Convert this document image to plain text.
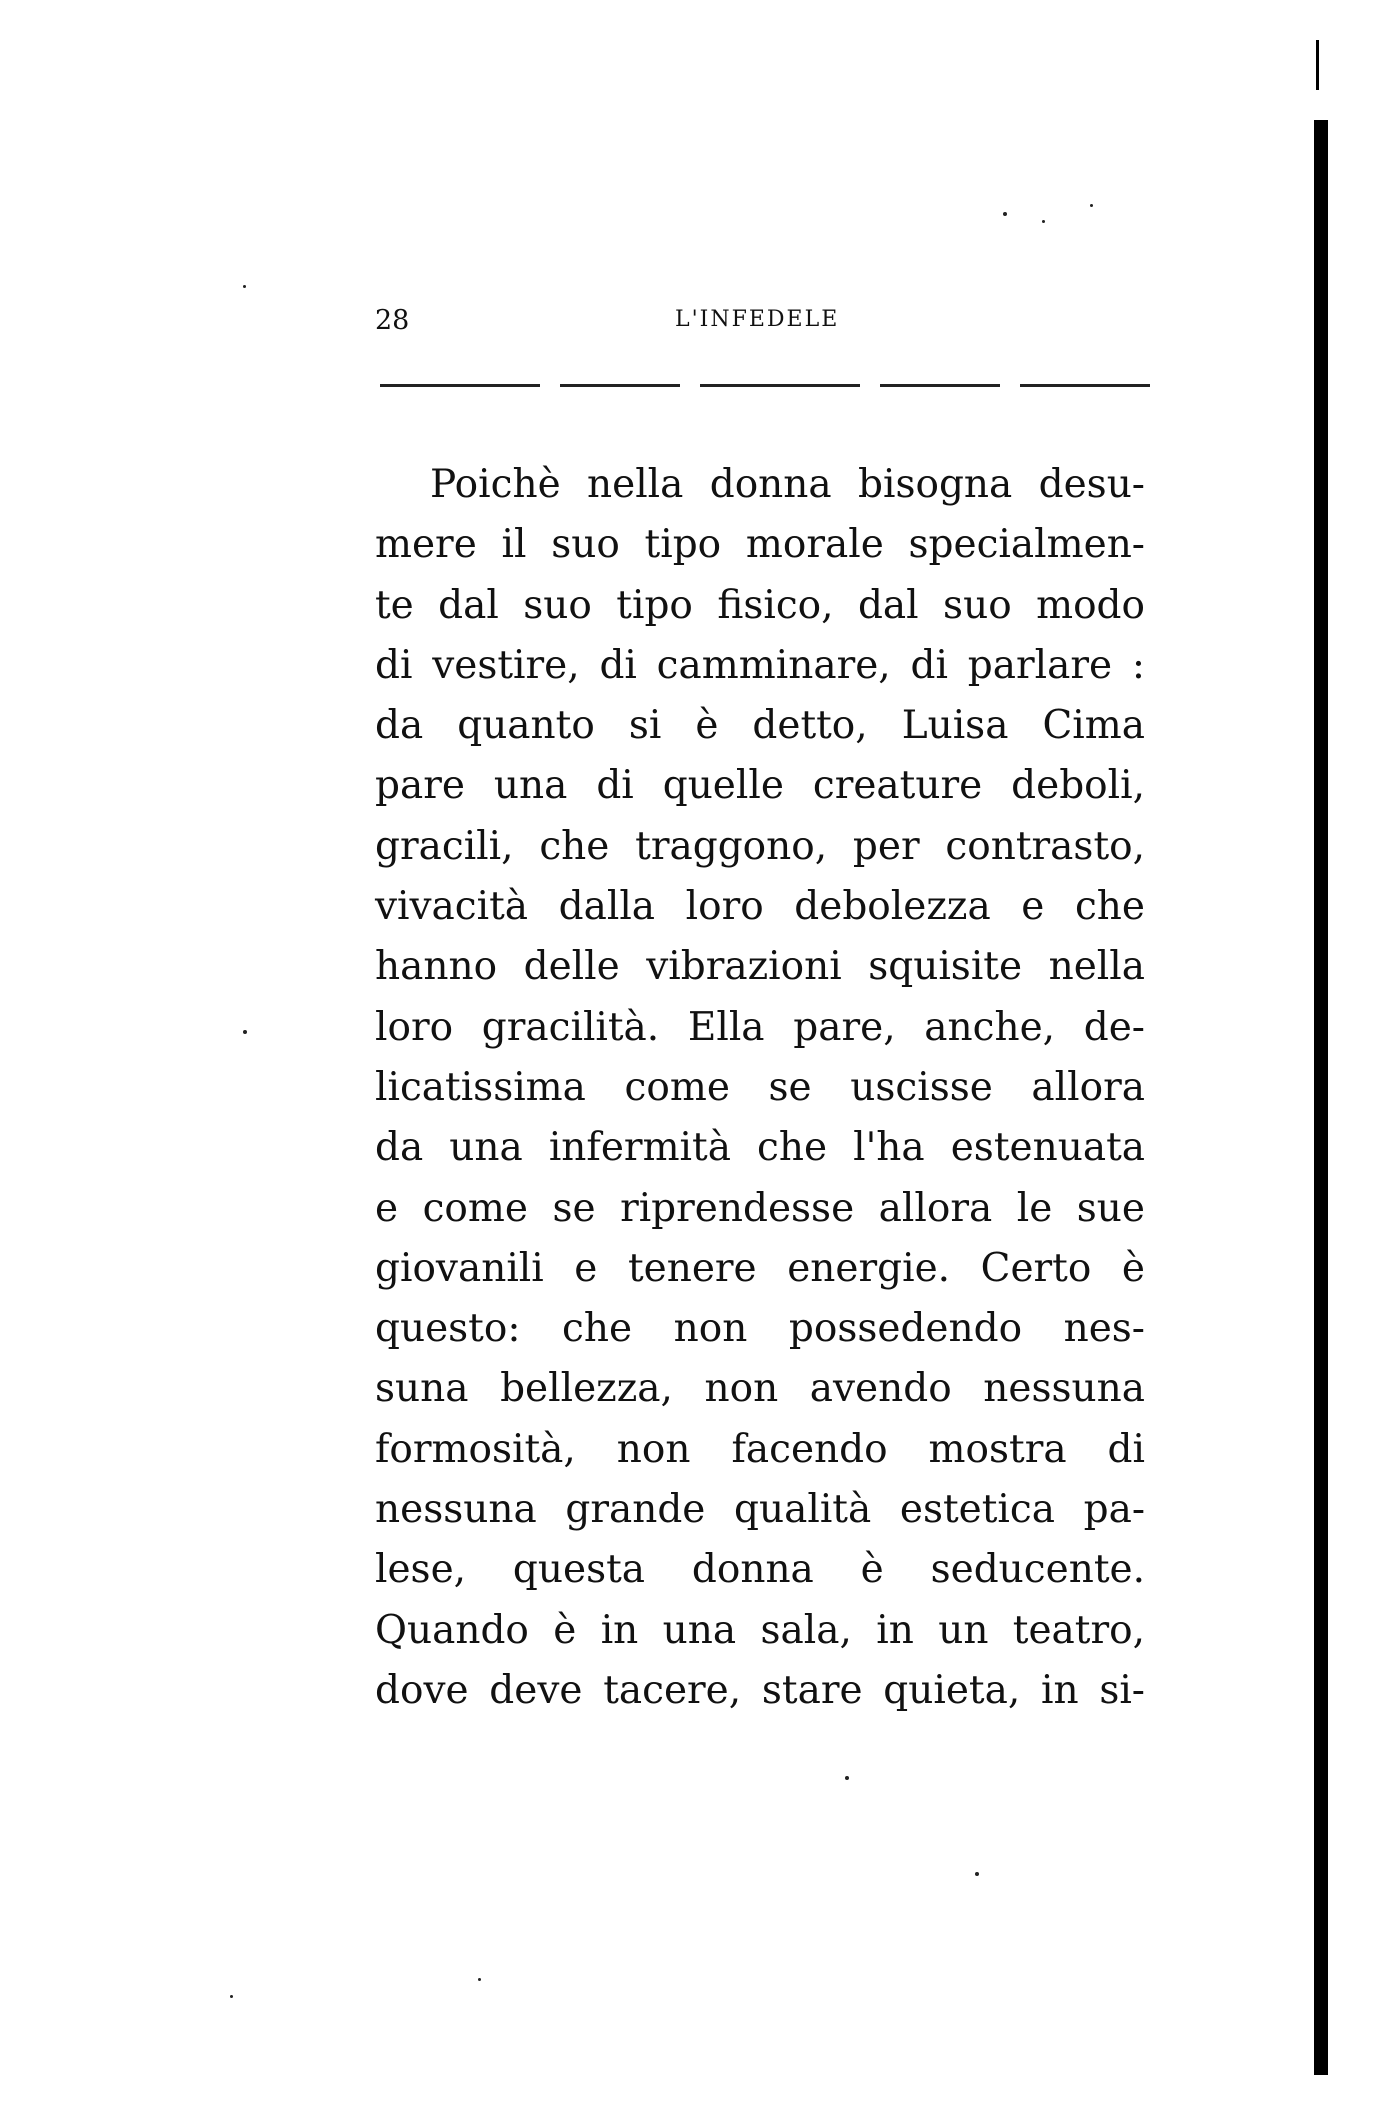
28	L'INFEDELE
Poichè nella donna bisogna desu-
mere il suo tipo morale specialmen-
te dal suo tipo fisico, dal suo modo
di vestire, di camminare, di parlare :
da quanto si è detto, Luisa Cima
pare una di quelle creature deboli,
gracili, che traggono, per contrasto,
vivacità dalla loro debolezza e che
hanno delle vibrazioni squisite nella
loro gracilità. Ella pare, anche, de-
licatissima come se uscisse allora
da una infermità che l'ha estenuata
e come se riprendesse allora le sue
giovanili e tenere energie. Certo è
questo: che non possedendo nes-
suna bellezza, non avendo nessuna
formosità, non facendo mostra di
nessuna grande qualità estetica pa-
lese, questa donna è seducente.
Quando è in una sala, in un teatro,
dove deve tacere, stare quieta, in si-
